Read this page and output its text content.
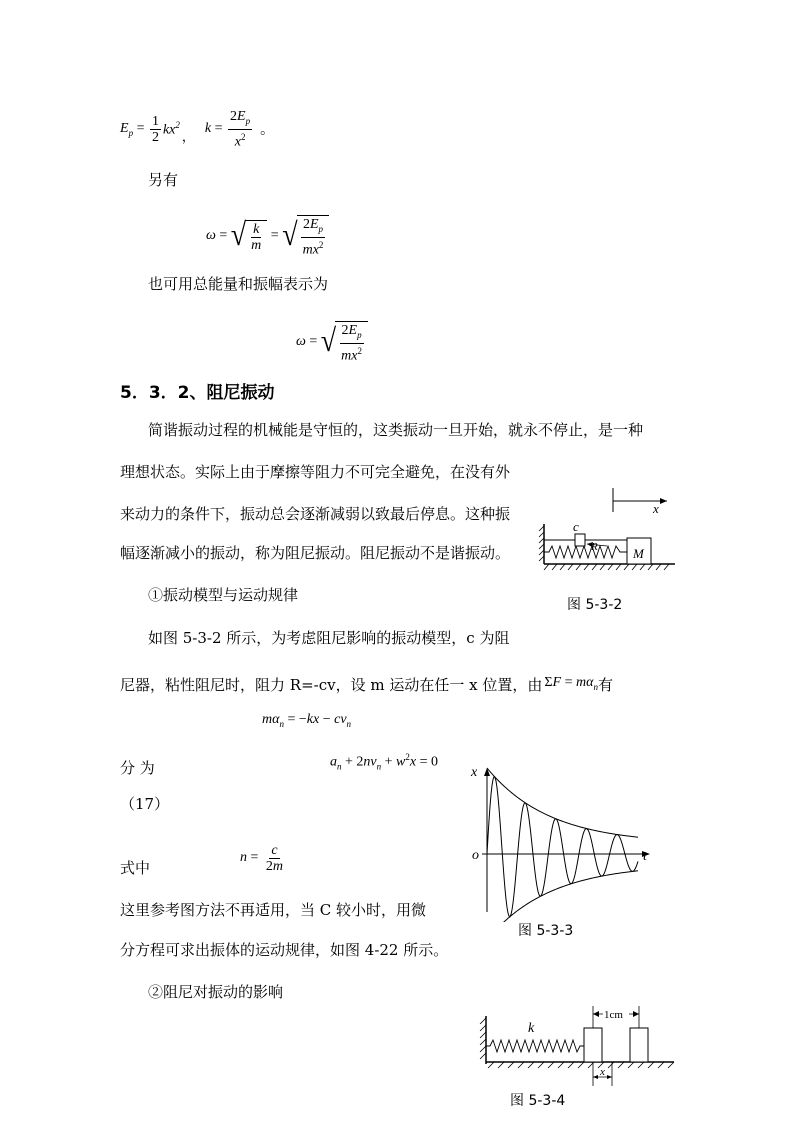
$E_p = \frac{1}{2} kx^2$
， $k = \frac{2E_p}{x^2}$ 。
另有
ω = √ $\frac{k}{m}$ = √ $\frac{2E_p}{mx^2}$
也可用总能量和振幅表示为
ω = √ $\frac{2E_p}{mx^2}$
5．3．2、阻尼振动
简谐振动过程的机械能是守恒的，这类振动一旦开始，就永不停止，是一种
理想状态。实际上由于摩擦等阻力不可完全避免，在没有外
来动力的条件下，振动总会逐渐减弱以致最后停息。这种振
幅逐渐减小的振动，称为阻尼振动。阻尼振动不是谐振动。
x
c
R	M
①振动模型与运动规律
图 5-3-2
如图 5-3-2 所示，为考虑阻尼影响的振动模型，c 为阻
尼器，粘性阻尼时，阻力 R=-cv，设 m 运动在任一 x 位置，由 $\Sigma F = m\alpha_n$ 有
$m\alpha_n = -kx - cv_n$
分 为	$a_n + 2nv_n + w^2x = 0$
（17）
x
t
o
式中
$n = \frac{c}{2m}$
这里参考图方法不再适用，当 C 较小时，用微
图 5-3-3
分方程可求出振体的运动规律，如图 4-22 所示。
②阻尼对振动的影响
k
1cm
x
图 5-3-4
